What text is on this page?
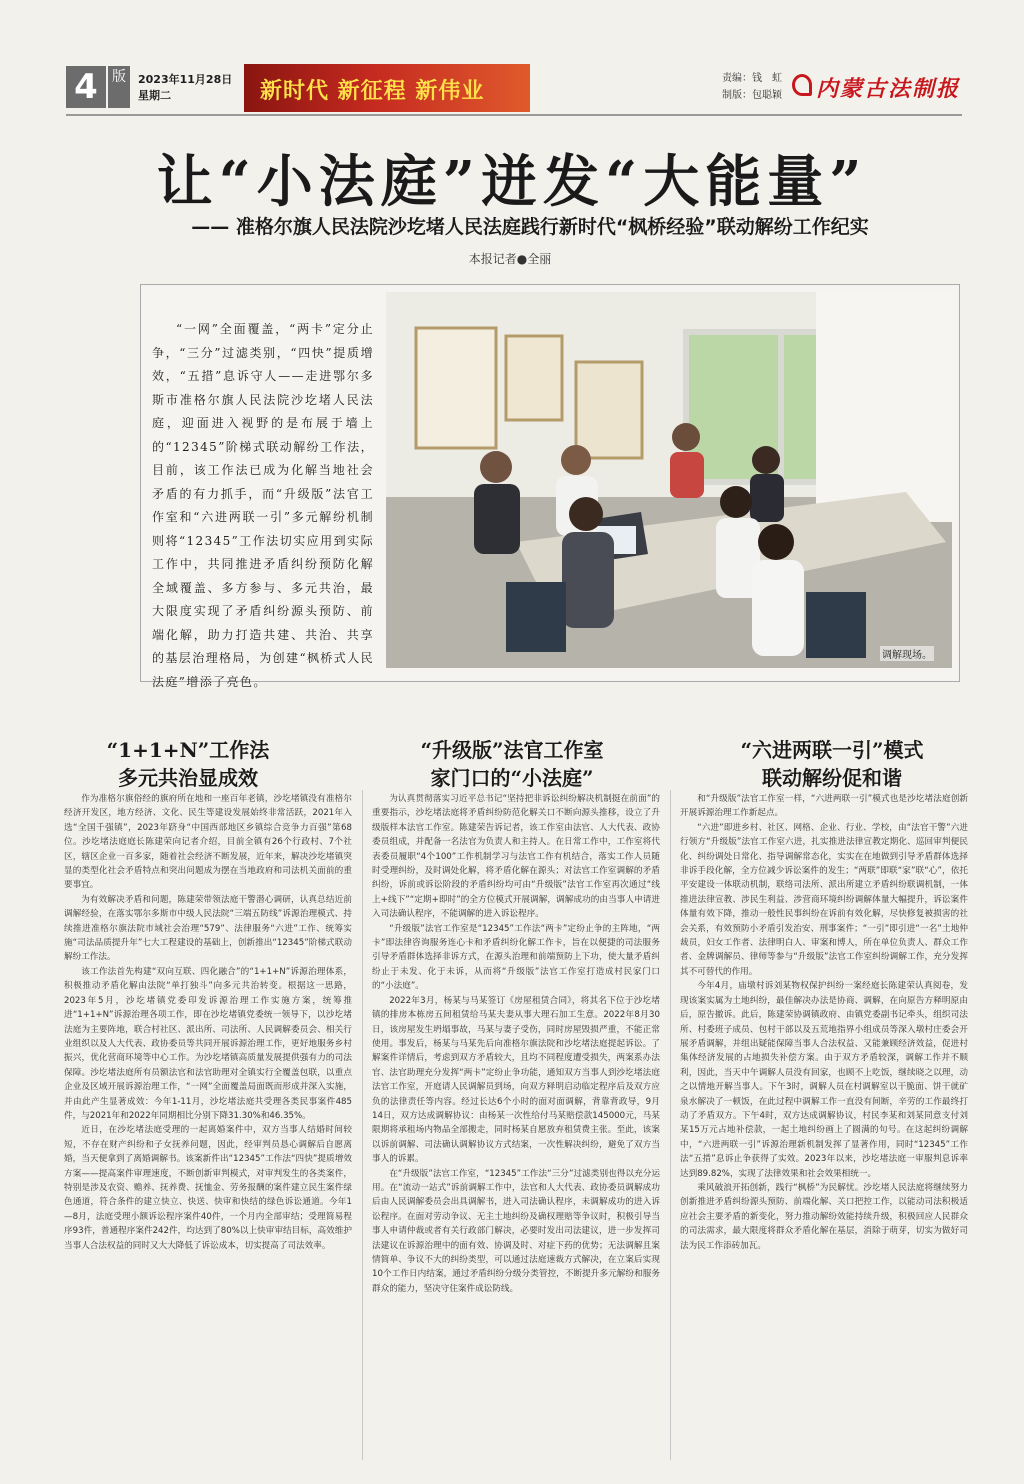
4	版	2023年11月28日
星期二	新时代 新征程 新伟业
责编：钱　虹
制版：包聪颖 内蒙古法制报
让“小法庭”迸发“大能量”
—— 准格尔旗人民法院沙圪堵人民法庭践行新时代“枫桥经验”联动解纷工作纪实
本报记者●全丽
“一网”全面覆盖，“两卡”定分止争，“三分”过滤类别，“四快”提质增效，“五措”息诉守人——走进鄂尔多斯市准格尔旗人民法院沙圪堵人民法庭，迎面进入视野的是布展于墙上的“12345”阶梯式联动解纷工作法，目前，该工作法已成为化解当地社会矛盾的有力抓手，而“升级版”法官工作室和“六进两联一引”多元解纷机制则将“12345”工作法切实应用到实际工作中，共同推进矛盾纠纷预防化解全域覆盖、多方参与、多元共治，最大限度实现了矛盾纠纷源头预防、前端化解，助力打造共建、共治、共享的基层治理格局，为创建“枫桥式人民法庭”增添了亮色。
调解现场。
“1+1+N”工作法
多元共治显成效
“升级版”法官工作室
家门口的“小法庭”
“六进两联一引”模式
联动解纷促和谐

作为准格尔旗俗经的旗府所在地和一座百年老镇，沙圪堵镇没有准格尔经济开发区，地方经济、文化、民生等建设发展始终非常活跃，2021年入选“全国千强镇”，2023年跻身“中国西部地区乡镇综合竞争力百强”第68位。沙圪堵法庭庭长陈建荣向记者介绍，目前全镇有26个行政村、7个社区，辖区企业一百多家，随着社会经济不断发展，近年来，解决沙圪堵镇突显的类型化社会矛盾特点和突出问题成为摆在当地政府和司法机关面前的重要事宜。

为有效解决矛盾和问题，陈建荣带领法庭干警潜心调研，认真总结近前调解经验，在落实鄂尔多斯市中级人民法院“三端五防线”诉源治理模式、持续推进准格尔旗法院市域社会治理“579”、法律服务“六进”工作、统筹实施“司法品质提升年”七大工程建设的基础上，创新推出“12345”阶梯式联动解纷工作法。

该工作法首先构建“双向互联、四化融合”的“1+1+N”诉源治理体系，积极推动矛盾化解由法院“单打独斗”向多元共治转变。根据这一思路，2023年5月，沙圪堵镇党委印发诉源治理工作实施方案，统筹推进“1+1+N”诉源治理各项工作，即在沙圪堵镇党委统一领导下，以沙圪堵法庭为主要阵地，联合村社区、派出所、司法所、人民调解委员会、相关行业组织以及人大代表、政协委员等共同开展诉源治理工作，更好地服务乡村振兴，优化营商环境等中心工作。为沙圪堵镇高质量发展提供强有力的司法保障。沙圪堵法庭所有员额法官和法官助理对全镇实行全覆盖包联，以重点企业及区域开展诉源治理工作，“一网”全面覆盖局面既而形成并深入实施，并由此产生显著成效：今年1-11月，沙圪堵法庭共受理各类民事案件485件，与2021年和2022年同期相比分别下降31.30%和46.35%。

近日，在沙圪堵法庭受理的一起离婚案件中，双方当事人结婚时间较短，不存在财产纠纷和子女抚养问题，因此，经审判员恳心调解后自愿离婚，当天便拿到了离婚调解书。该案新件出“12345”工作法“四快”提质增效方案——提高案件审理速度，不断创新审判模式，对审判发生的各类案件，特别是涉及农资、赡养、抚养费、抚恤金、劳务报酬的案件建立民生案件绿色通道，符合条件的建立快立、快送、快审和快结的绿色诉讼通道。今年1—8月，法庭受理小额诉讼程序案件40件，一个月内全部审结；受理简易程序93件，普通程序案件242件，均达到了80%以上快审审结目标，高效维护当事人合法权益的同时又大大降低了诉讼成本，切实提高了司法效率。

为认真贯彻落实习近平总书记“坚持把非诉讼纠纷解决机制挺在前面”的重要指示，沙圪堵法庭将矛盾纠纷防范化解关口不断向源头推移，设立了升级版样本法官工作室。陈建荣告诉记者，该工作室由法官、人大代表、政协委员组成，并配备一名法官为负责人和主持人。在日常工作中，工作室将代表委员履职“4个100”工作机制学习与法官工作有机结合，落实工作人员随时受理纠纷，及时调处化解，将矛盾化解在源头；对法官工作室调解的矛盾纠纷，诉前或诉讼阶段的矛盾纠纷均可由“升级版”法官工作室再次通过“线上+线下”“定期+即时”的全方位模式开展调解，调解成功的由当事人申请进入司法确认程序，不能调解的进入诉讼程序。

“升级版”法官工作室是“12345”工作法“两卡”定纷止争的主阵地，“两卡”即法律咨询服务连心卡和矛盾纠纷化解工作卡，旨在以便捷的司法服务引导矛盾群体选择非诉方式，在源头治理和前端预防上下功，使大量矛盾纠纷止于未发、化于未诉，从而将“升级版”法官工作室打造成村民家门口的“小法庭”。

2022年3月，杨某与马某签订《房屋租赁合同》，将其名下位于沙圪堵镇的排房本栋房五间租赁给马某夫妻从事大理石加工生意。2022年8月30日，该房屋发生坍塌事故，马某与妻子受伤，同时房屋毁损严重，不能正常使用。事发后，杨某与马某先后向准格尔旗法院和沙圪堵法庭提起诉讼。了解案件详情后，考虑到双方矛盾较大，且均不同程度遭受损失，两案系办法官、法官助理充分发挥“两卡”定纷止争功能，通知双方当事人到沙圪堵法庭法官工作室，开庭请人民调解员到场，向双方释明启动临定程序后及双方应负的法律责任等内容。经过长达6个小时的面对面调解，背靠背政导，9月14日，双方达成调解协议：由杨某一次性给付马某赔偿款145000元，马某限期将承租场内物品全部搬走，同时杨某自愿放弃租赁费主张。至此，该案以诉前调解、司法确认调解协议方式结案，一次性解决纠纷，避免了双方当事人的诉累。

在“升级版”法官工作室，“12345”工作法“三分”过滤类别也得以充分运用。在“流动一站式”诉前调解工作中，法官和人大代表、政协委员调解成功后由人民调解委员会出具调解书，进入司法确认程序，未调解成功的进入诉讼程序。在面对劳动争议、无主土地纠纷及确权理赔等争议时，积极引导当事人申请仲裁或者有关行政部门解决，必要时发出司法建议，进一步发挥司法建议在诉源治理中的面有效、协调及时、对症下药的优势；无法调解且案情简单、争议不大的纠纷类型，可以通过法庭速裁方式解决，在立案后实现10个工作日内结案，通过矛盾纠纷分级分类管控，不断提升多元解纷和服务群众的能力，坚决守住案件成讼防线。

和“升级版”法官工作室一样，“六进两联一引”模式也是沙圪堵法庭创新开展诉源治理工作新起点。

“六进”即进乡村、社区、网格、企业、行业、学校，由“法官干警”六进行领方“升级版”法官工作室六进，扎实推进法律宣教定期化、巡回审判便民化、纠纷调处日常化、指导调解常态化，实实在在地做到引导矛盾群体选择非诉手段化解，全方位减少诉讼案件的发生；“两联”即联“家”联“心”，依托平安建设一体联动机制，联络司法所、派出所建立矛盾纠纷联调机制，一体推进法律宣教、涉民生利益、涉营商环境纠纷调解体量大幅提升，诉讼案件体量有效下降，推动一般性民事纠纷在诉前有效化解，尽快修复被损害的社会关系，有效预防小矛盾引发治安、刑事案件；“一引”即引进“一名”土地仲裁员，妇女工作者、法律明白人、审案和博人，所在单位负责人、群众工作者、金牌调解员、律师等参与“升级版”法官工作室纠纷调解工作，充分发挥其不可替代的作用。

今年4月，庙墩村诉刘某物权保护纠纷一案经庭长陈建荣认真阅卷，发现该案实属为土地纠纷，最佳解决办法是协商、调解，在向原告方释明原由后，原告撤诉。此后，陈建荣协调镇政府、由镇党委副书记牵头，组织司法所、村委班子成员、包村干部以及五荒地指界小组成员等深入墩村庄委会开展矛盾调解，并组出疑能保障当事人合法权益、又能兼顾经济效益，促进村集体经济发展的占地损失补偿方案。由于双方矛盾较深，调解工作并不顺利，因此，当天中午调解人员没有回家，也顾不上吃饭，继续晓之以理，动之以情地开解当事人。下午3时，调解人员在村调解室以干脆面、饼干就矿泉水解决了一顿饭，在此过程中调解工作一直没有间断，辛劳的工作最终打动了矛盾双方。下午4时，双方达成调解协议，村民李某和刘某同意支付刘某15万元占地补偿款，一起土地纠纷画上了圆满的句号。在这起纠纷调解中，“六进两联一引”诉源治理新机制发挥了显著作用，同时“12345”工作法“五措”息诉止争获得了实效。2023年以来，沙圪堵法庭一审服判息诉率达到89.82%，实现了法律效果和社会效果相统一。

乘风破浪开拓创新，践行“枫桥”为民解忧。沙圪堵人民法庭将继续努力创新推进矛盾纠纷源头预防、前端化解、关口把控工作，以能动司法积极适应社会主要矛盾的新变化，努力推动解纷效能持续升级，积极回应人民群众的司法需求，最大限度将群众矛盾化解在基层，消除于萌芽，切实为做好司法为民工作添砖加瓦。
